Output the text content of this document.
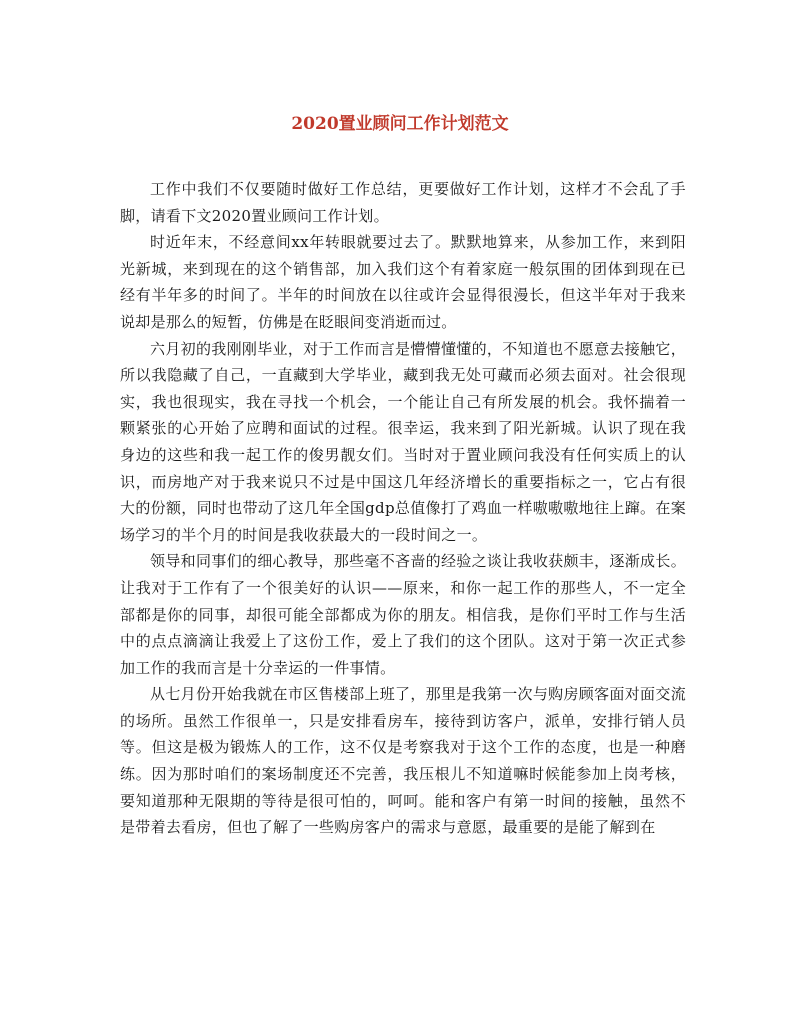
2020置业顾问工作计划范文

工作中我们不仅要随时做好工作总结，更要做好工作计划，这样才不会乱了手脚，请看下文2020置业顾问工作计划。

时近年末，不经意间xx年转眼就要过去了。默默地算来，从参加工作，来到阳光新城，来到现在的这个销售部，加入我们这个有着家庭一般氛围的团体到现在已经有半年多的时间了。半年的时间放在以往或许会显得很漫长，但这半年对于我来说却是那么的短暂，仿佛是在眨眼间变消逝而过。

六月初的我刚刚毕业，对于工作而言是懵懵懂懂的，不知道也不愿意去接触它，所以我隐藏了自己，一直藏到大学毕业，藏到我无处可藏而必须去面对。社会很现实，我也很现实，我在寻找一个机会，一个能让自己有所发展的机会。我怀揣着一颗紧张的心开始了应聘和面试的过程。很幸运，我来到了阳光新城。认识了现在我身边的这些和我一起工作的俊男靓女们。当时对于置业顾问我没有任何实质上的认识，而房地产对于我来说只不过是中国这几年经济增长的重要指标之一，它占有很大的份额，同时也带动了这几年全国gdp总值像打了鸡血一样嗷嗷嗷地往上蹿。在案场学习的半个月的时间是我收获最大的一段时间之一。

领导和同事们的细心教导，那些毫不吝啬的经验之谈让我收获颇丰，逐渐成长。让我对于工作有了一个很美好的认识——原来，和你一起工作的那些人，不一定全部都是你的同事，却很可能全部都成为你的朋友。相信我，是你们平时工作与生活中的点点滴滴让我爱上了这份工作，爱上了我们的这个团队。这对于第一次正式参加工作的我而言是十分幸运的一件事情。

从七月份开始我就在市区售楼部上班了，那里是我第一次与购房顾客面对面交流的场所。虽然工作很单一，只是安排看房车，接待到访客户，派单，安排行销人员等。但这是极为锻炼人的工作，这不仅是考察我对于这个工作的态度，也是一种磨练。因为那时咱们的案场制度还不完善，我压根儿不知道嘛时候能参加上岗考核，要知道那种无限期的等待是很可怕的，呵呵。能和客户有第一时间的接触，虽然不是带着去看房，但也了解了一些购房客户的需求与意愿，最重要的是能了解到在
